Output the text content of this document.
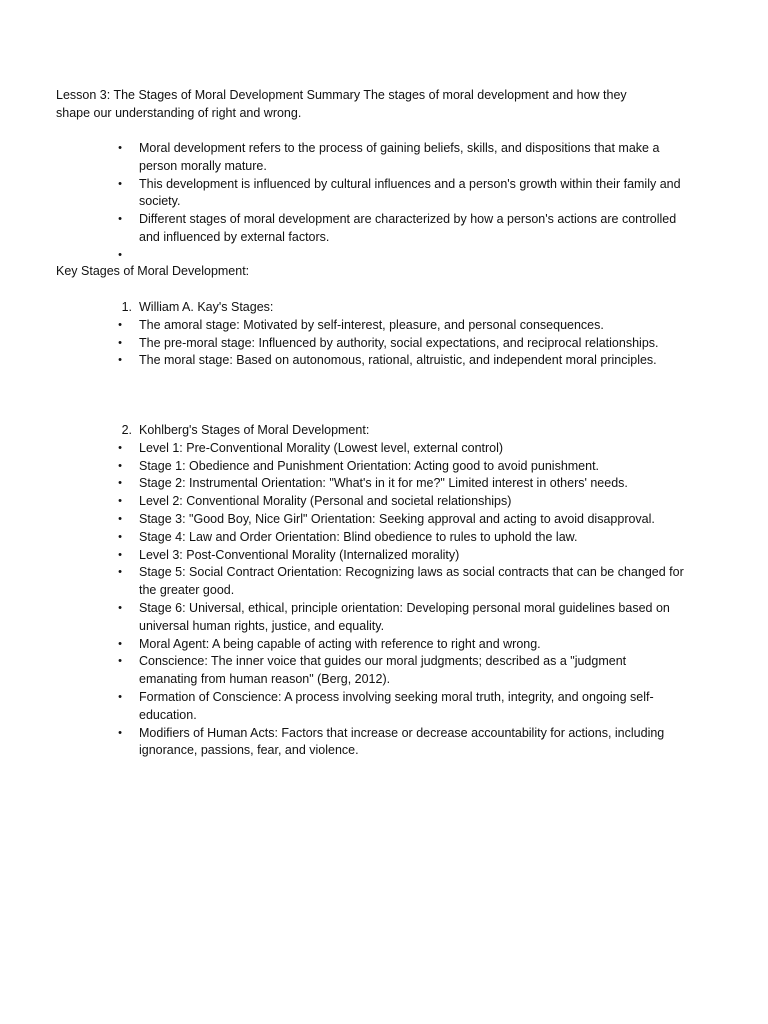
Lesson 3: The Stages of Moral Development Summary The stages of moral development and how they shape our understanding of right and wrong.

•	Moral development refers to the process of gaining beliefs, skills, and dispositions that make a person morally mature.
•	This development is influenced by cultural influences and a person's growth within their family and society.
•	Different stages of moral development are characterized by how a person's actions are controlled and influenced by external factors.
•

Key Stages of Moral Development:

1. William A. Kay's Stages:
•	The amoral stage: Motivated by self-interest, pleasure, and personal consequences.
•	The pre-moral stage: Influenced by authority, social expectations, and reciprocal relationships.
•	The moral stage: Based on autonomous, rational, altruistic, and independent moral principles.
2. Kohlberg's Stages of Moral Development:
•	Level 1: Pre-Conventional Morality (Lowest level, external control)
•	Stage 1: Obedience and Punishment Orientation: Acting good to avoid punishment.
•	Stage 2: Instrumental Orientation: "What's in it for me?" Limited interest in others' needs.
•	Level 2: Conventional Morality (Personal and societal relationships)
•	Stage 3: "Good Boy, Nice Girl" Orientation: Seeking approval and acting to avoid disapproval.
•	Stage 4: Law and Order Orientation: Blind obedience to rules to uphold the law.
•	Level 3: Post-Conventional Morality (Internalized morality)
•	Stage 5: Social Contract Orientation: Recognizing laws as social contracts that can be changed for the greater good.
•	Stage 6: Universal, ethical, principle orientation: Developing personal moral guidelines based on universal human rights, justice, and equality.
•	Moral Agent: A being capable of acting with reference to right and wrong.
•	Conscience: The inner voice that guides our moral judgments; described as a "judgment emanating from human reason" (Berg, 2012).
•	Formation of Conscience: A process involving seeking moral truth, integrity, and ongoing self-education.
•	Modifiers of Human Acts: Factors that increase or decrease accountability for actions, including ignorance, passions, fear, and violence.
